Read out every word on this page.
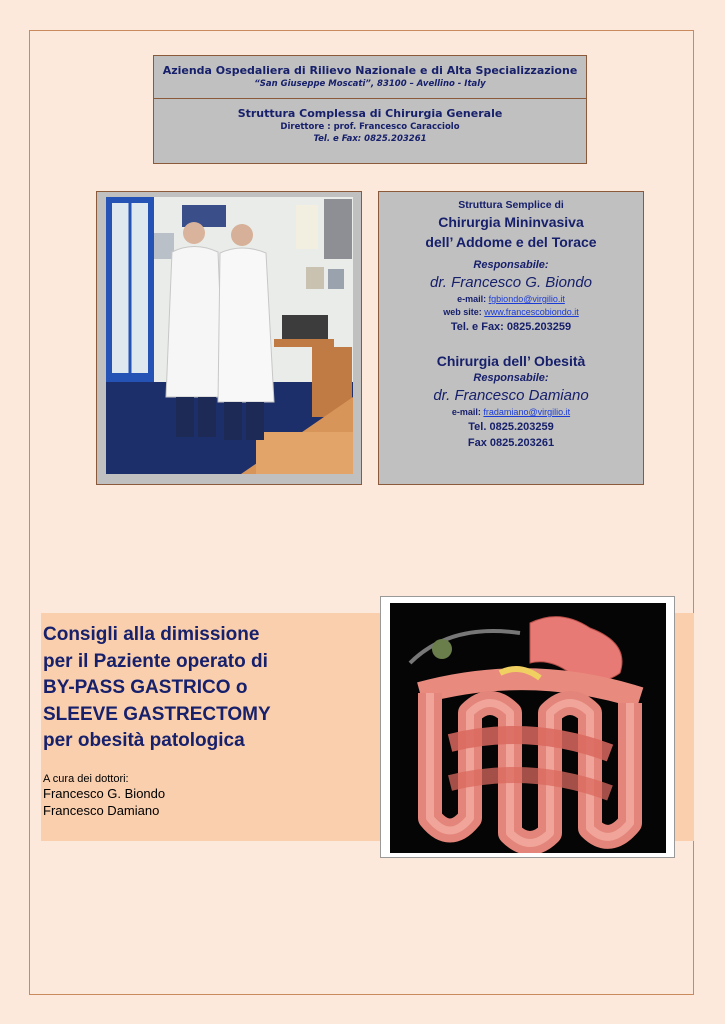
Azienda Ospedaliera di Rilievo Nazionale e di Alta Specializzazione
“San Giuseppe Moscati”, 83100 – Avellino - Italy
Struttura Complessa di Chirurgia Generale
Direttore : prof. Francesco Caracciolo
Tel. e Fax: 0825.203261
Struttura Semplice di
Chirurgia Mininvasiva
dell’ Addome e del Torace
Responsabile:
dr. Francesco G. Biondo
e-mail: fgbiondo@virgilio.it
web site: www.francescobiondo.it
Tel. e Fax: 0825.203259
Chirurgia dell’ Obesità
Responsabile:
dr. Francesco Damiano
e-mail: fradamiano@virgilio.it
Tel. 0825.203259
Fax 0825.203261
Consigli alla dimissione
per il Paziente operato di
BY-PASS GASTRICO o
SLEEVE GASTRECTOMY
per obesità patologica
A cura dei dottori:
Francesco G. Biondo
Francesco Damiano
